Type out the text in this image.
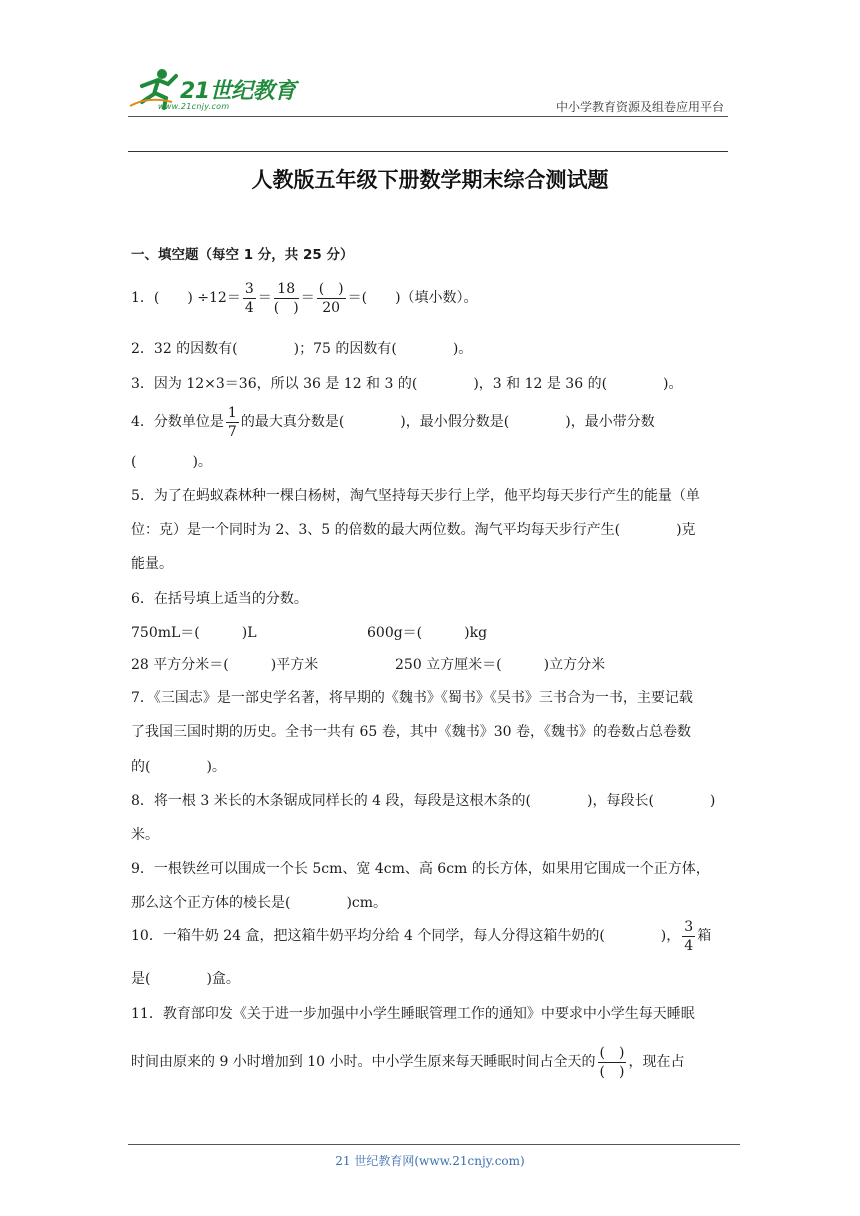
21世纪教育
www.21cnjy.com	中小学教育资源及组卷应用平台
人教版五年级下册数学期末综合测试题
一、填空题（每空 1 分，共 25 分）
1．(　　) $\div 12= \frac{3}{4} = \frac{18}{( )} = \frac{( )}{20}$ ＝(　　)（填小数）。
2．32 的因数有(　　　　)；75 的因数有(　　　　)。
3．因为 12×3＝36，所以 36 是 12 和 3 的(　　　　)，3 和 12 是 36 的(　　　　)。
4．分数单位是 $\frac{1}{7}$ 的最大真分数是(　　　　)，最小假分数是(　　　　)，最小带分数
(　　　　)。
5．为了在蚂蚁森林种一棵白杨树，淘气坚持每天步行上学，他平均每天步行产生的能量（单
位：克）是一个同时为 2、3、5 的倍数的最大两位数。淘气平均每天步行产生(　　　　)克
能量。
6．在括号填上适当的分数。
750mL＝(　　　)L	600g＝(　　　)kg
28 平方分米＝(　　　)平方米	250 立方厘米＝(　　　)立方分米
7．《三国志》是一部史学名著，将早期的《魏书》《蜀书》《吴书》三书合为一书，主要记载
了我国三国时期的历史。全书一共有 65 卷，其中《魏书》30 卷，《魏书》的卷数占总卷数
的(　　　　)。
8．将一根 3 米长的木条锯成同样长的 4 段，每段是这根木条的(　　　　)，每段长(　　　　)
米。
9．一根铁丝可以围成一个长 5cm、宽 4cm、高 6cm 的长方体，如果用它围成一个正方体，
那么这个正方体的棱长是(　　　　)cm。
10．一箱牛奶 24 盒，把这箱牛奶平均分给 4 个同学，每人分得这箱牛奶的(　　　　)， $\frac{3}{4}$ 箱
是(　　　　)盒。
11．教育部印发《关于进一步加强中小学生睡眠管理工作的通知》中要求中小学生每天睡眠
时间由原来的 9 小时增加到 10 小时。中小学生原来每天睡眠时间占全天的 $\frac{( )}{( )}$ ，现在占
21 世纪教育网(www.21cnjy.com)
